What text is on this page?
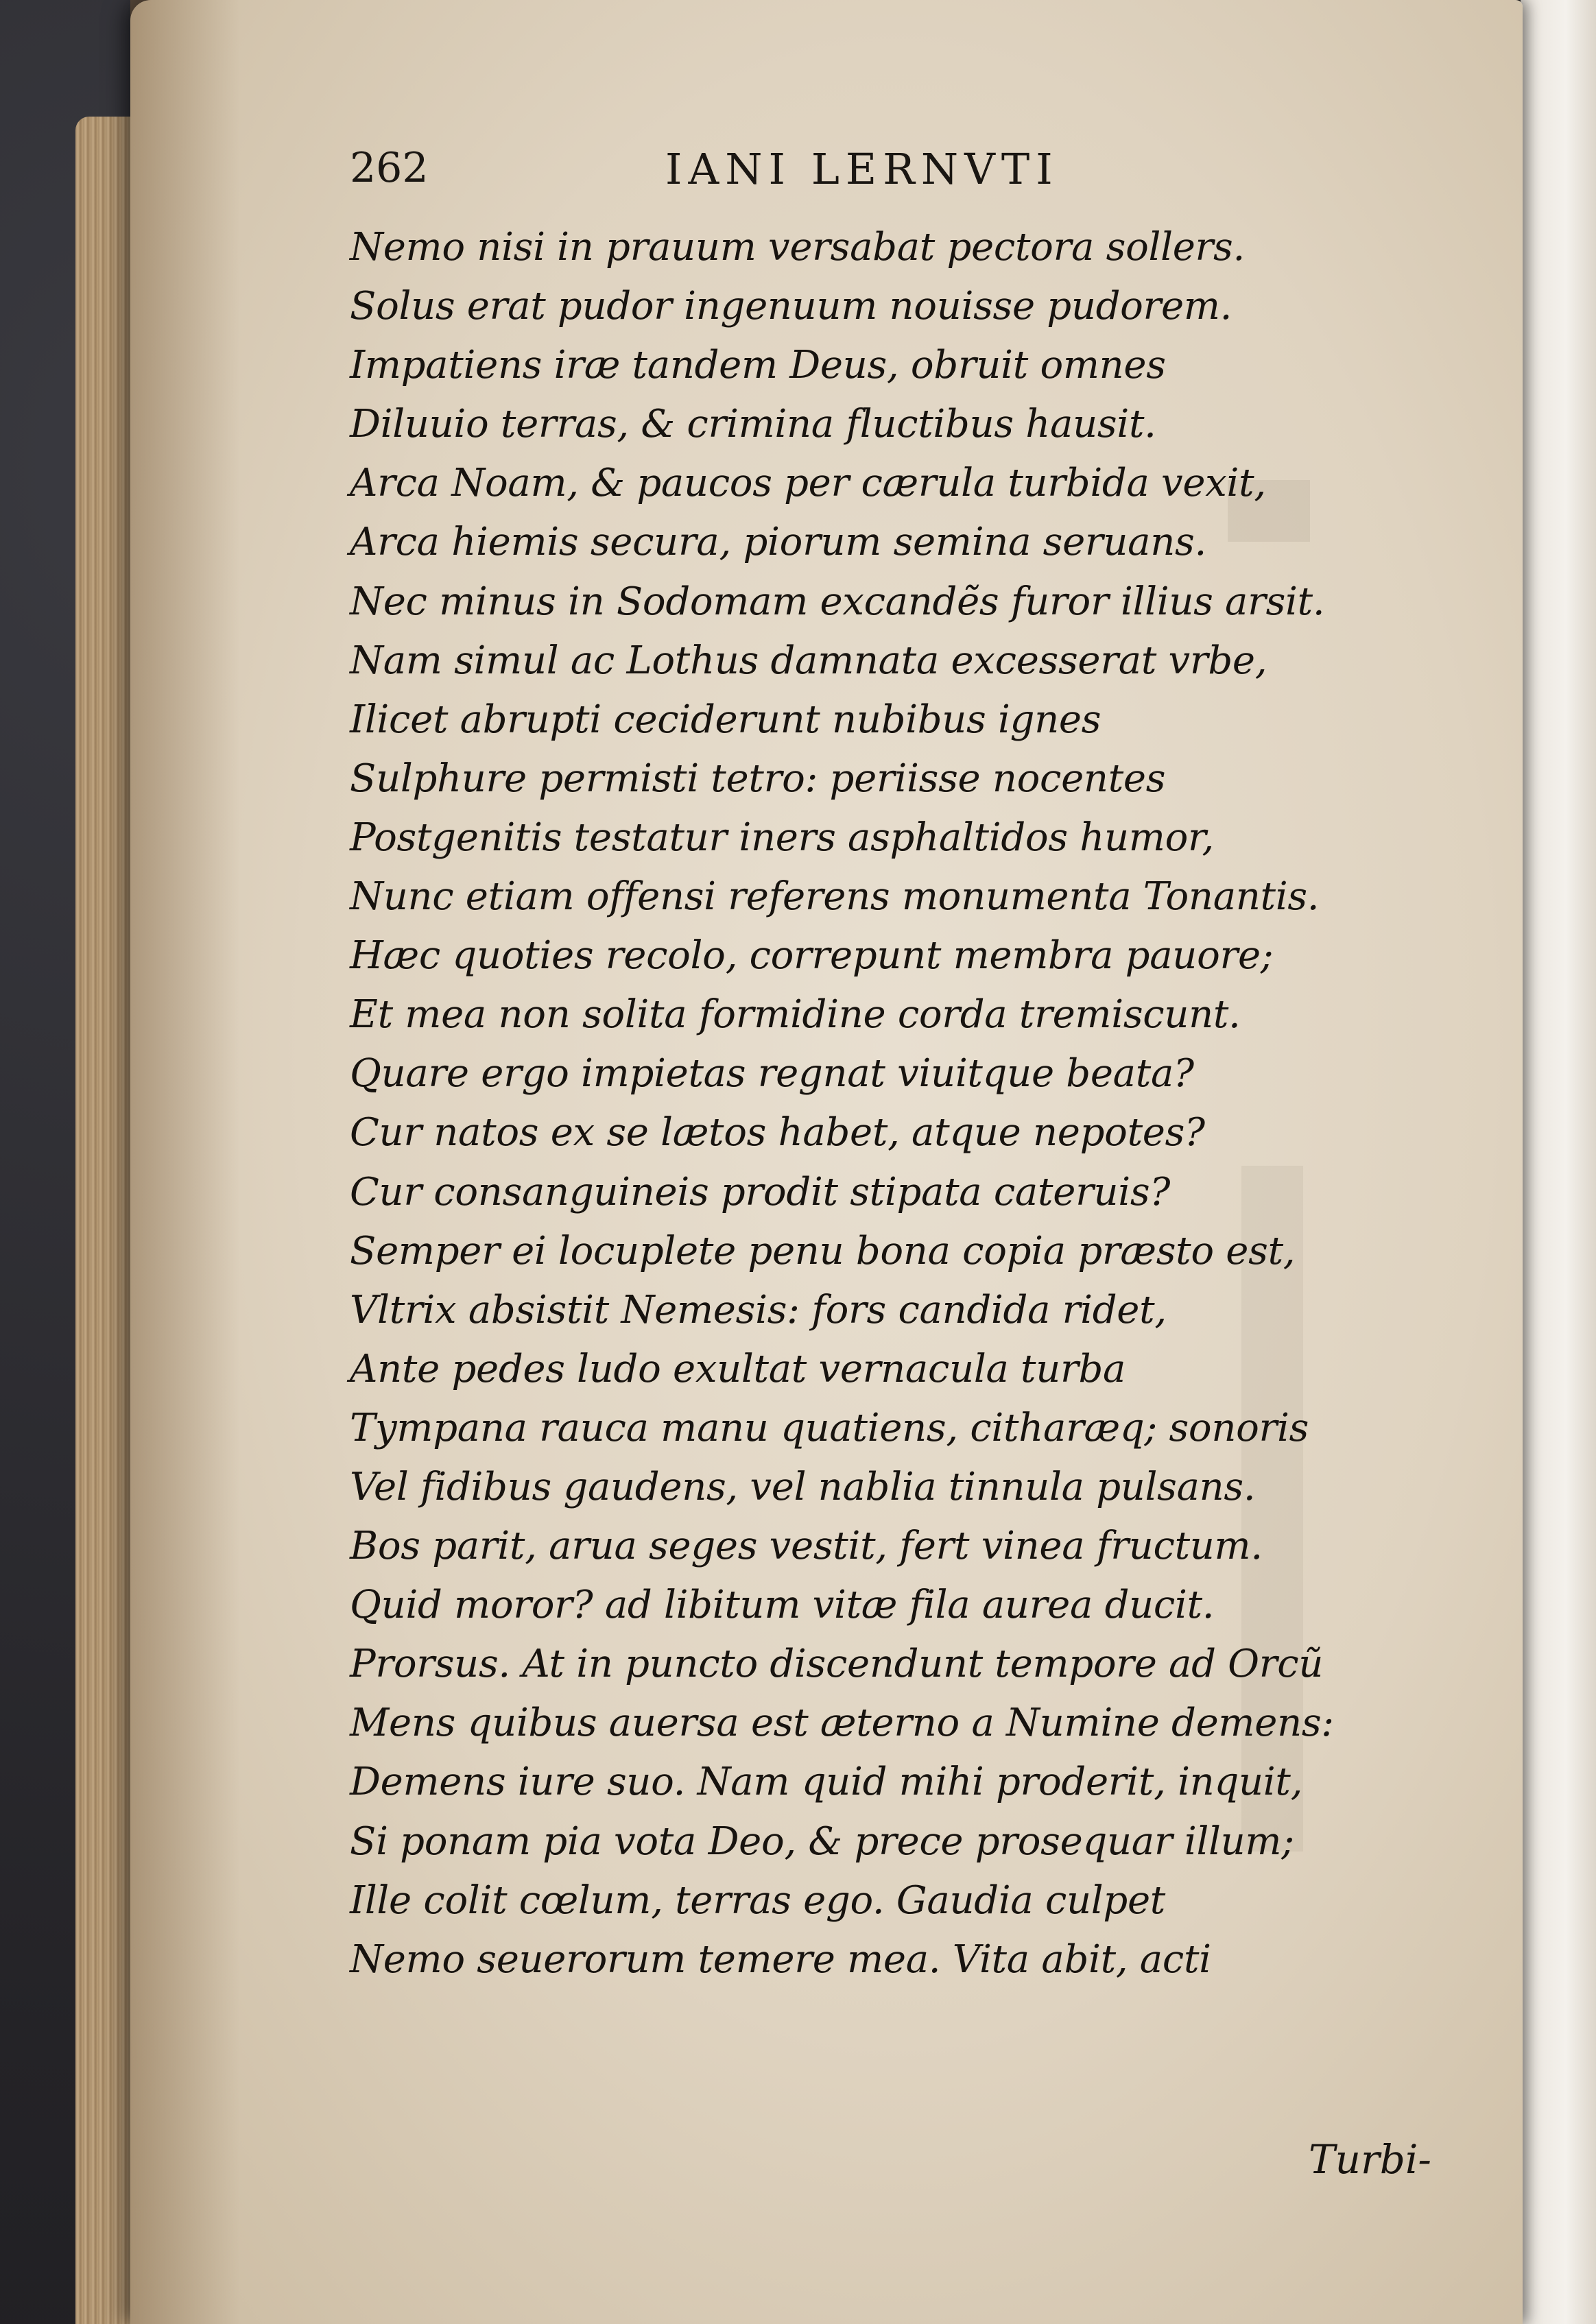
262	IANI LERNVTI
Nemo nisi in prauum versabat pectora sollers.
Solus erat pudor ingenuum nouisse pudorem.
Impatiens iræ tandem Deus, obruit omnes
Diluuio terras, & crimina fluctibus hausit.
Arca Noam, & paucos per cærula turbida vexit,
Arca hiemis secura, piorum semina seruans.
Nec minus in Sodomam excandẽs furor illius arsit.
Nam simul ac Lothus damnata excesserat vrbe,
Ilicet abrupti ceciderunt nubibus ignes
Sulphure permisti tetro: periisse nocentes
Postgenitis testatur iners asphaltidos humor,
Nunc etiam offensi referens monumenta Tonantis.
Hæc quoties recolo, correpunt membra pauore;
Et mea non solita formidine corda tremiscunt.
Quare ergo impietas regnat viuitque beata?
Cur natos ex se lætos habet, atque nepotes?
Cur consanguineis prodit stipata cateruis?
Semper ei locuplete penu bona copia præsto est,
Vltrix absistit Nemesis: fors candida ridet,
Ante pedes ludo exultat vernacula turba
Tympana rauca manu quatiens, citharæq; sonoris
Vel fidibus gaudens, vel nablia tinnula pulsans.
Bos parit, arua seges vestit, fert vinea fructum.
Quid moror? ad libitum vitæ fila aurea ducit.
Prorsus. At in puncto discendunt tempore ad Orcũ
Mens quibus auersa est æterno a Numine demens:
Demens iure suo. Nam quid mihi proderit, inquit,
Si ponam pia vota Deo, & prece prosequar illum;
Ille colit cœlum, terras ego. Gaudia culpet
Nemo seuerorum temere mea. Vita abit, acti
Turbi-
